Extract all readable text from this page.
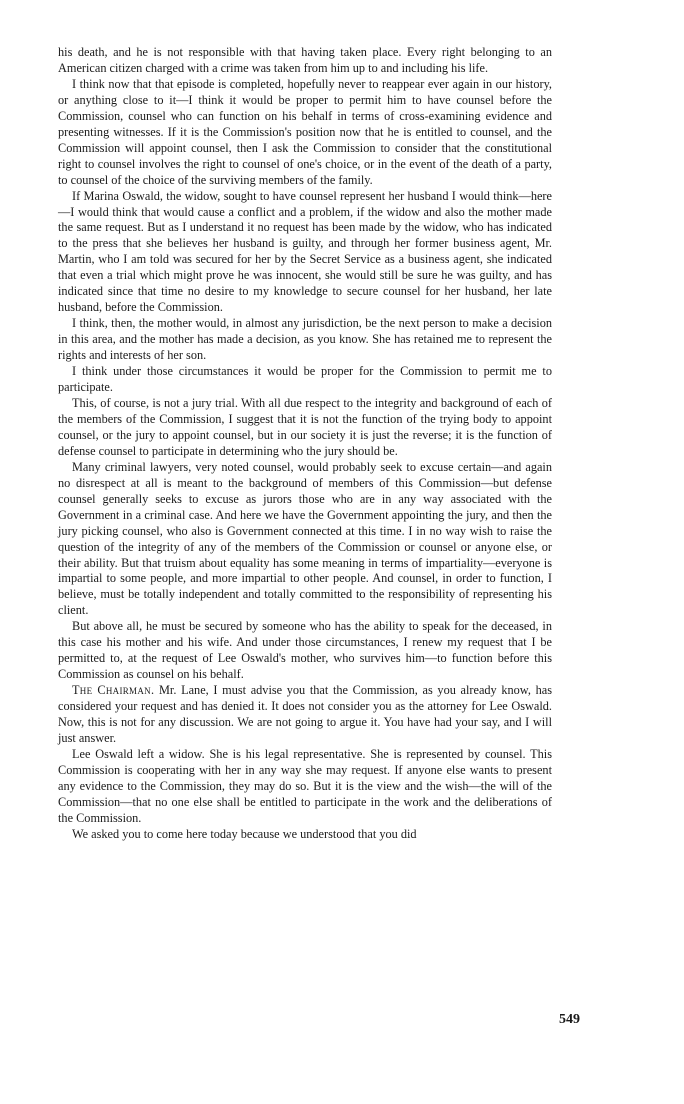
his death, and he is not responsible with that having taken place. Every right belonging to an American citizen charged with a crime was taken from him up to and including his life.

I think now that that episode is completed, hopefully never to reappear ever again in our history, or anything close to it—I think it would be proper to permit him to have counsel before the Commission, counsel who can function on his behalf in terms of cross-examining evidence and presenting witnesses. If it is the Commission's position now that he is entitled to counsel, and the Commission will appoint counsel, then I ask the Commission to consider that the constitutional right to counsel involves the right to counsel of one's choice, or in the event of the death of a party, to counsel of the choice of the surviving members of the family.

If Marina Oswald, the widow, sought to have counsel represent her husband I would think—here—I would think that would cause a conflict and a problem, if the widow and also the mother made the same request. But as I understand it no request has been made by the widow, who has indicated to the press that she believes her husband is guilty, and through her former business agent, Mr. Martin, who I am told was secured for her by the Secret Service as a business agent, she indicated that even a trial which might prove he was innocent, she would still be sure he was guilty, and has indicated since that time no desire to my knowledge to secure counsel for her husband, her late husband, before the Commission.

I think, then, the mother would, in almost any jurisdiction, be the next person to make a decision in this area, and the mother has made a decision, as you know. She has retained me to represent the rights and interests of her son.

I think under those circumstances it would be proper for the Commission to permit me to participate.

This, of course, is not a jury trial. With all due respect to the integrity and background of each of the members of the Commission, I suggest that it is not the function of the trying body to appoint counsel, or the jury to appoint counsel, but in our society it is just the reverse; it is the function of defense counsel to participate in determining who the jury should be.

Many criminal lawyers, very noted counsel, would probably seek to excuse certain—and again no disrespect at all is meant to the background of members of this Commission—but defense counsel generally seeks to excuse as jurors those who are in any way associated with the Government in a criminal case. And here we have the Government appointing the jury, and then the jury picking counsel, who also is Government connected at this time. I in no way wish to raise the question of the integrity of any of the members of the Commission or counsel or anyone else, or their ability. But that truism about equality has some meaning in terms of impartiality—everyone is impartial to some people, and more impartial to other people. And counsel, in order to function, I believe, must be totally independent and totally committed to the responsibility of representing his client.

But above all, he must be secured by someone who has the ability to speak for the deceased, in this case his mother and his wife. And under those circumstances, I renew my request that I be permitted to, at the request of Lee Oswald's mother, who survives him—to function before this Commission as counsel on his behalf.

The Chairman. Mr. Lane, I must advise you that the Commission, as you already know, has considered your request and has denied it. It does not consider you as the attorney for Lee Oswald. Now, this is not for any discussion. We are not going to argue it. You have had your say, and I will just answer.

Lee Oswald left a widow. She is his legal representative. She is represented by counsel. This Commission is cooperating with her in any way she may request. If anyone else wants to present any evidence to the Commission, they may do so. But it is the view and the wish—the will of the Commission—that no one else shall be entitled to participate in the work and the deliberations of the Commission.

We asked you to come here today because we understood that you did

549
